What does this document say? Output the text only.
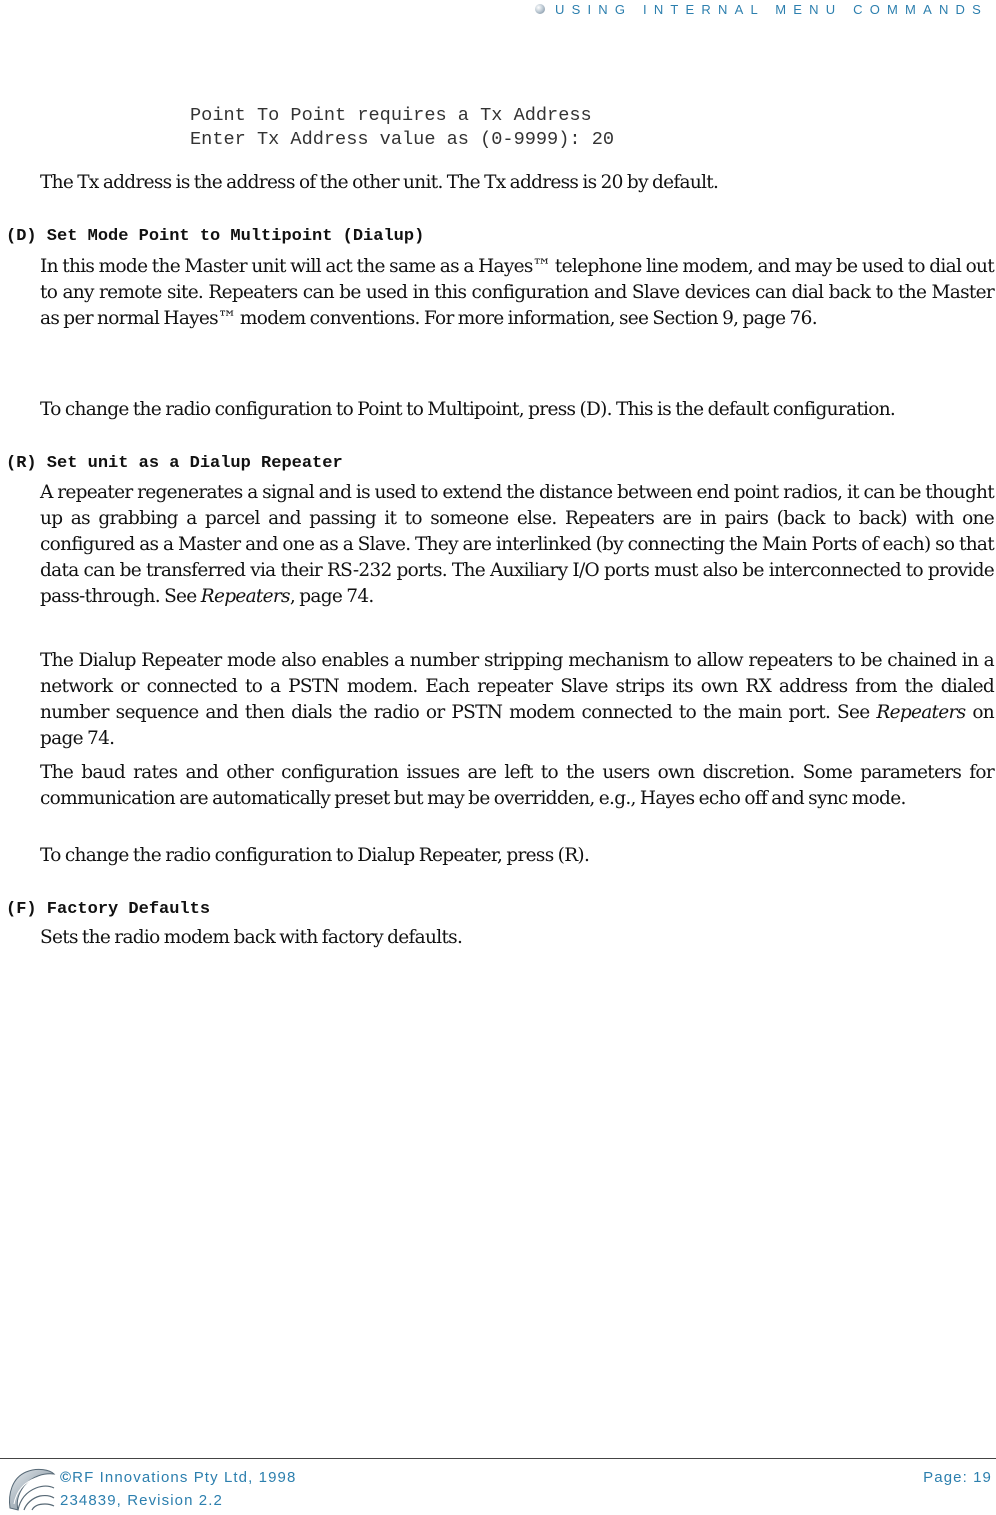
USING INTERNAL MENU COMMANDS
Point To Point requires a Tx Address
Enter Tx Address value as (0-9999): 20

The Tx address is the address of the other unit. The Tx address is 20 by default.

(D) Set Mode Point to Multipoint (Dialup)

In this mode the Master unit will act the same as a Hayes™ telephone line modem, and may be used to dial out to any remote site. Repeaters can be used in this configuration and Slave devices can dial back to the Master as per normal Hayes™ modem conventions. For more information, see Section 9, page 76.

To change the radio configuration to Point to Multipoint, press (D). This is the default configuration.

(R) Set unit as a Dialup Repeater

A repeater regenerates a signal and is used to extend the distance between end point radios, it can be thought up as grabbing a parcel and passing it to someone else. Repeaters are in pairs (back to back) with one configured as a Master and one as a Slave. They are interlinked (by connecting the Main Ports of each) so that data can be transferred via their RS-232 ports. The Auxiliary I/O ports must also be interconnected to provide pass-through. See Repeaters, page 74.

The Dialup Repeater mode also enables a number stripping mechanism to allow repeaters to be chained in a network or connected to a PSTN modem. Each repeater Slave strips its own RX address from the dialed number sequence and then dials the radio or PSTN modem connected to the main port. See Repeaters on page 74.

The baud rates and other configuration issues are left to the users own discretion. Some parameters for communication are automatically preset but may be overridden, e.g., Hayes echo off and sync mode.

To change the radio configuration to Dialup Repeater, press (R).

(F) Factory Defaults

Sets the radio modem back with factory defaults.

©RF Innovations Pty Ltd, 1998
234839, Revision 2.2
Page: 19
